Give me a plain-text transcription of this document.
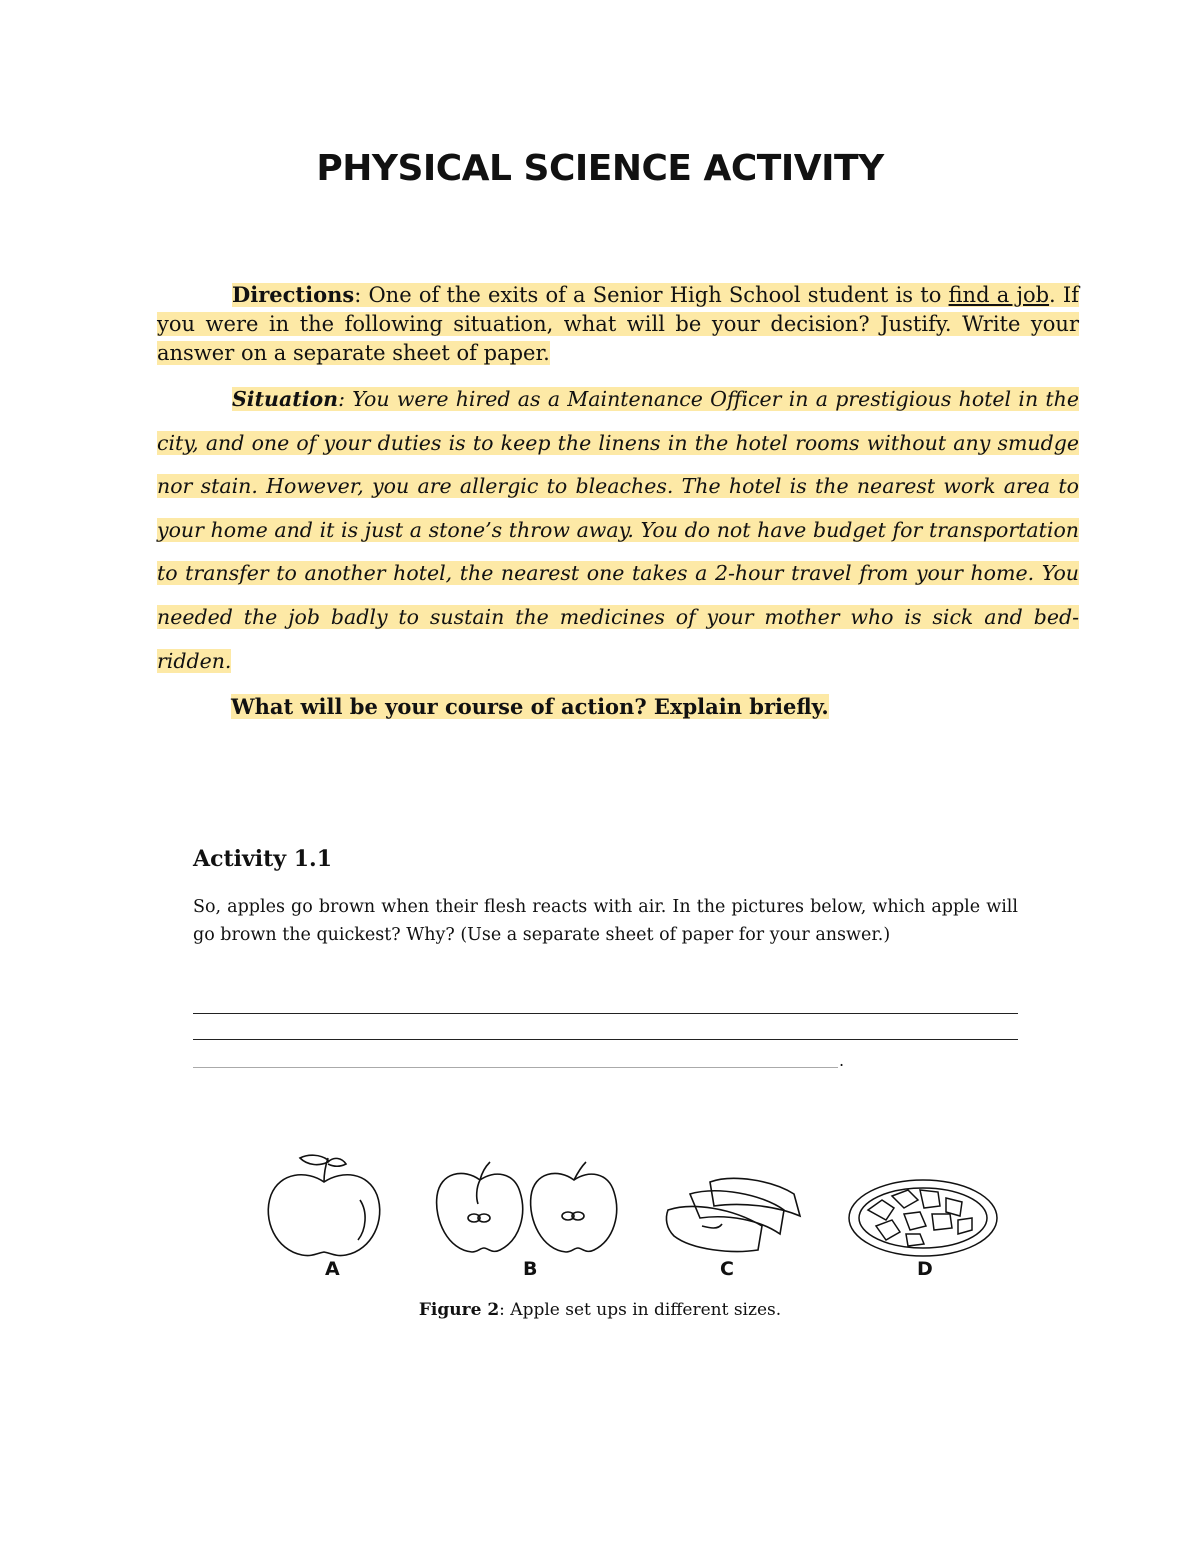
PHYSICAL SCIENCE ACTIVITY
Directions: One of the exits of a Senior High School student is to find a job. If you were in the following situation, what will be your decision? Justify. Write your answer on a separate sheet of paper.
Situation: You were hired as a Maintenance Officer in a prestigious hotel in the city, and one of your duties is to keep the linens in the hotel rooms without any smudge nor stain. However, you are allergic to bleaches. The hotel is the nearest work area to your home and it is just a stone’s throw away. You do not have budget for transportation to transfer to another hotel, the nearest one takes a 2-hour travel from your home. You needed the job badly to sustain the medicines of your mother who is sick and bed-ridden.
What will be your course of action? Explain briefly.
Activity 1.1
So, apples go brown when their flesh reacts with air. In the pictures below, which apple will go brown the quickest? Why? (Use a separate sheet of paper for your answer.)
.
A	B	C	D
Figure 2: Apple set ups in different sizes.
